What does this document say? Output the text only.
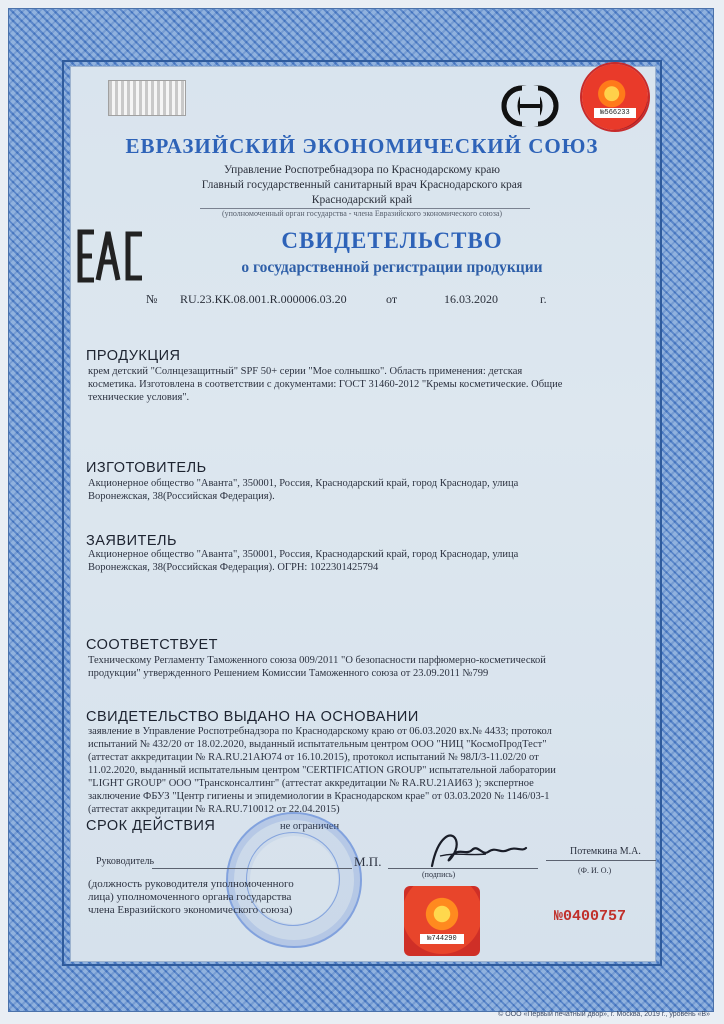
№566233
ЕВРАЗИЙСКИЙ ЭКОНОМИЧЕСКИЙ СОЮЗ
Управление Роспотребнадзора по Краснодарскому краю
Главный государственный санитарный врач Краснодарского края
Краснодарский край
(уполномоченный орган государства - члена Евразийского экономического союза)
СВИДЕТЕЛЬСТВО
о государственной регистрации продукции
№ RU.23.КК.08.001.R.000006.03.20	от	16.03.2020	г.
ПРОДУКЦИЯ
крем детский "Солнцезащитный" SPF 50+ серии "Мое солнышко". Область применения: детская
косметика. Изготовлена в соответствии с документами: ГОСТ 31460-2012 "Кремы косметические. Общие
технические условия".
ИЗГОТОВИТЕЛЬ
Акционерное общество "Аванта", 350001, Россия, Краснодарский край, город Краснодар, улица
Воронежская, 38(Российская Федерация).
ЗАЯВИТЕЛЬ
Акционерное общество "Аванта", 350001, Россия, Краснодарский край, город Краснодар, улица
Воронежская, 38(Российская Федерация). ОГРН: 1022301425794
СООТВЕТСТВУЕТ
Техническому Регламенту Таможенного союза 009/2011 "О безопасности парфюмерно-косметической
продукции" утвержденного Решением Комиссии Таможенного союза от 23.09.2011 №799
СВИДЕТЕЛЬСТВО ВЫДАНО НА ОСНОВАНИИ
заявление в Управление Роспотребнадзора по Краснодарскому краю от 06.03.2020 вх.№ 4433; протокол
испытаний № 432/20 от 18.02.2020, выданный испытательным центром ООО "НИЦ "КосмоПродТест"
(аттестат аккредитации № RA.RU.21АЮ74 от 16.10.2015), протокол испытаний № 98Л/3-11.02/20 от
11.02.2020, выданный испытательным центром "CERTIFICATION GROUP" испытательной лаборатории
"LIGHT GROUP" ООО "Трансконсалтинг" (аттестат аккредитации № RA.RU.21АИ63 ); экспертное
заключение ФБУЗ "Центр гигиены и эпидемиологии в Краснодарском крае" от 03.03.2020 № 1146/03-1
(аттестат аккредитации № RA.RU.710012 от 22.04.2015)
СРОК ДЕЙСТВИЯ	не ограничен
Руководитель	М.П.
(подпись)
Потемкина М.А.
(Ф. И. О.)
(должность руководителя уполномоченного
лица) уполномоченного органа государства
члена Евразийского экономического союза)
№744290
№0400757
© ООО «Первый печатный двор», г. Москва, 2019 г., уровень «В»
